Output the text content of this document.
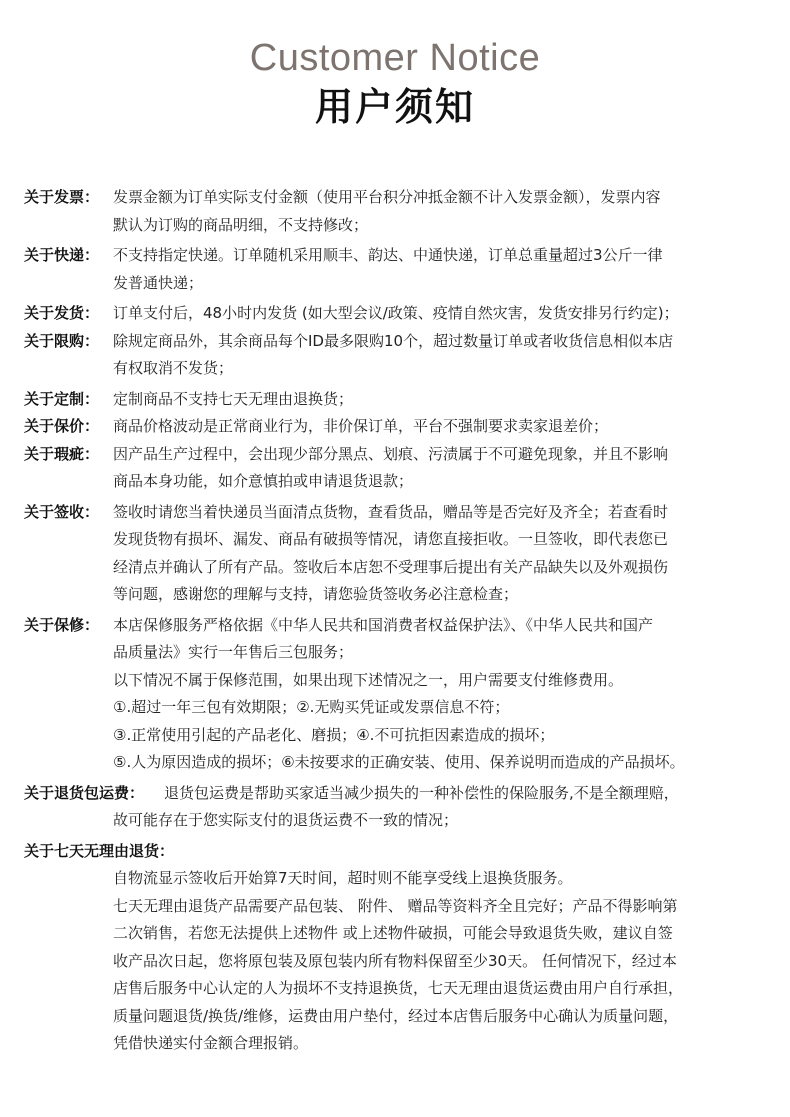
Customer Notice
用户须知
关于发票： 发票金额为订单实际支付金额（使用平台积分冲抵金额不计入发票金额），发票内容
默认为订购的商品明细，不支持修改；
关于快递： 不支持指定快递。订单随机采用顺丰、韵达、中通快递，订单总重量超过3公斤一律
发普通快递；
关于发货： 订单支付后，48小时内发货 (如大型会议/政策、疫情自然灾害，发货安排另行约定)；
关于限购： 除规定商品外，其余商品每个ID最多限购10个，超过数量订单或者收货信息相似本店
有权取消不发货；
关于定制： 定制商品不支持七天无理由退换货；
关于保价： 商品价格波动是正常商业行为，非价保订单，平台不强制要求卖家退差价；
关于瑕疵： 因产品生产过程中，会出现少部分黑点、划痕、污渍属于不可避免现象，并且不影响
商品本身功能，如介意慎拍或申请退货退款；
关于签收： 签收时请您当着快递员当面清点货物，查看货品，赠品等是否完好及齐全；若查看时
发现货物有损坏、漏发、商品有破损等情况，请您直接拒收。一旦签收，即代表您已
经清点并确认了所有产品。签收后本店恕不受理事后提出有关产品缺失以及外观损伤
等问题，感谢您的理解与支持，请您验货签收务必注意检查；
关于保修： 本店保修服务严格依据《中华人民共和国消费者权益保护法》、《中华人民共和国产
品质量法》实行一年售后三包服务；
以下情况不属于保修范围，如果出现下述情况之一，用户需要支付维修费用。
①.超过一年三包有效期限；②.无购买凭证或发票信息不符；
③.正常使用引起的产品老化、磨损；④.不可抗拒因素造成的损坏；
⑤.人为原因造成的损坏；⑥未按要求的正确安装、使用、保养说明而造成的产品损坏。
关于退货包运费： 退货包运费是帮助买家适当减少损失的一种补偿性的保险服务,不是全额理赔，
故可能存在于您实际支付的退货运费不一致的情况；
关于七天无理由退货：
自物流显示签收后开始算7天时间，超时则不能享受线上退换货服务。
七天无理由退货产品需要产品包装、 附件、 赠品等资料齐全且完好；产品不得影响第
二次销售，若您无法提供上述物件 或上述物件破损，可能会导致退货失败，建议自签
收产品次日起，您将原包装及原包装内所有物料保留至少30天。 任何情况下，经过本
店售后服务中心认定的人为损坏不支持退换货，七天无理由退货运费由用户自行承担，
质量问题退货/换货/维修，运费由用户垫付，经过本店售后服务中心确认为质量问题，
凭借快递实付金额合理报销。
